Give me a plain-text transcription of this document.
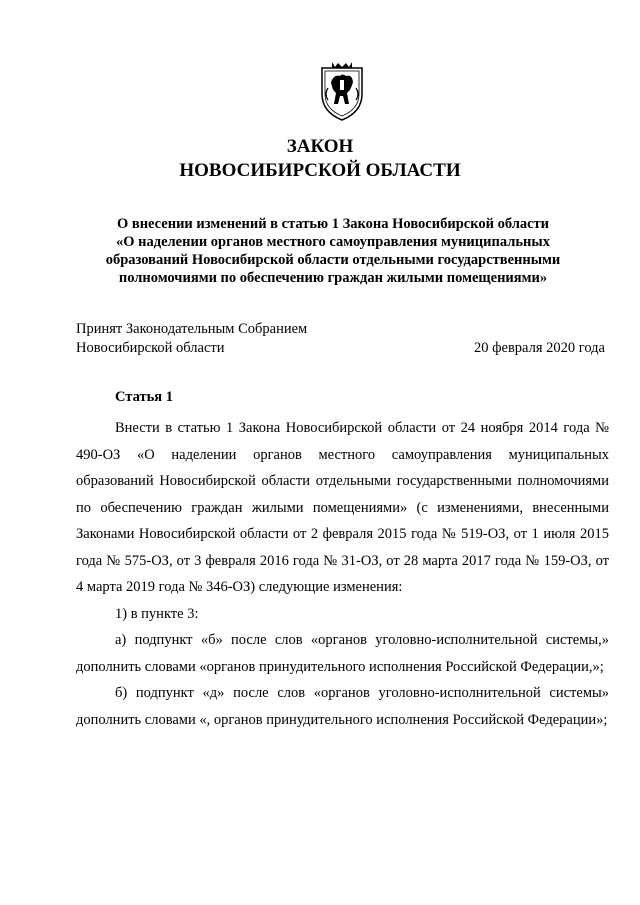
ЗАКОН
НОВОСИБИРСКОЙ ОБЛАСТИ
О внесении изменений в статью 1 Закона Новосибирской области
«О наделении органов местного самоуправления муниципальных
образований Новосибирской области отдельными государственными
полномочиями по обеспечению граждан жилыми помещениями»
Принят Законодательным Собранием
Новосибирской области	20 февраля 2020 года
Статья 1

Внести в статью 1 Закона Новосибирской области от 24 ноября 2014 года № 490-ОЗ «О наделении органов местного самоуправления муниципальных образований Новосибирской области отдельными государственными полномочиями по обеспечению граждан жилыми помещениями» (с изменениями, внесенными Законами Новосибирской области от 2 февраля 2015 года № 519-ОЗ, от 1 июля 2015 года № 575-ОЗ, от 3 февраля 2016 года № 31-ОЗ, от 28 марта 2017 года № 159-ОЗ, от 4 марта 2019 года № 346-ОЗ) следующие изменения:

1) в пункте 3:

а) подпункт «б» после слов «органов уголовно-исполнительной системы,» дополнить словами «органов принудительного исполнения Российской Федерации,»;

б) подпункт «д» после слов «органов уголовно-исполнительной системы» дополнить словами «, органов принудительного исполнения Российской Федерации»;
